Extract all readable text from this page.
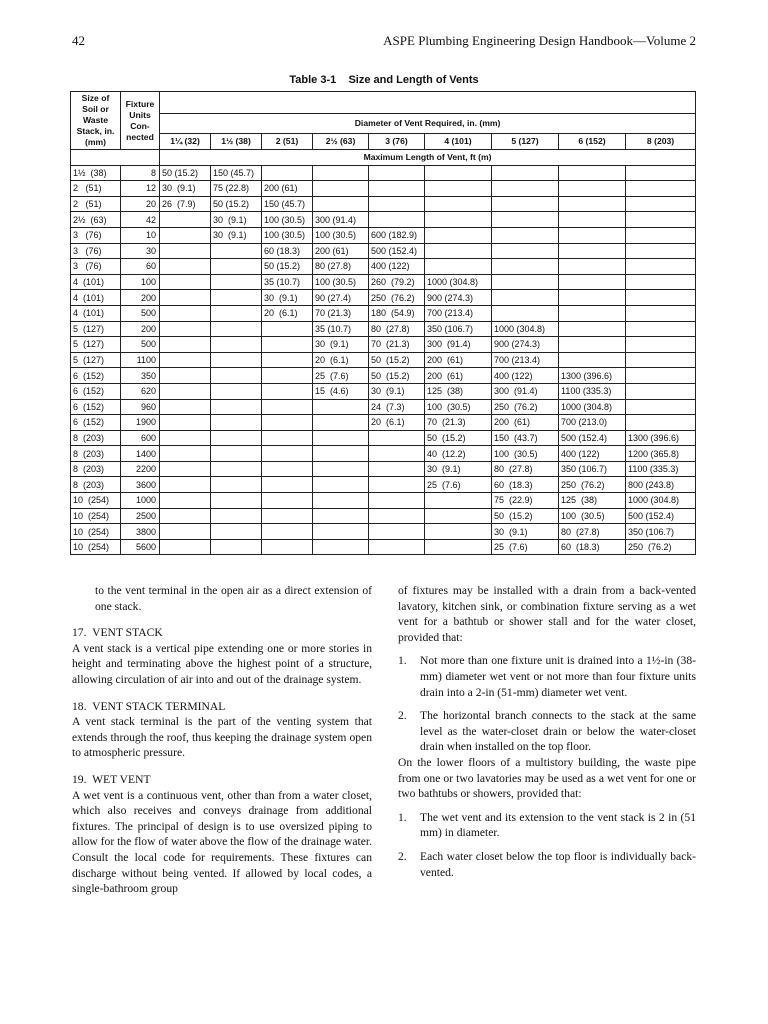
42	ASPE Plumbing Engineering Design Handbook—Volume 2
Table 3-1    Size and Length of Vents
Size of Soil or Waste Stack, in. (mm)	Fixture Units Con- nected									
		Diameter of Vent Required, in. (mm)								
		1¼ (32)	1½ (38)	2 (51)	2½ (63)	3 (76)	4 (101)	5 (127)	6 (152)	8 (203)
		Maximum Length of Vent, ft (m)								
1½  (38)	8	50 (15.2)	150 (45.7)							
2   (51)	12	30  (9.1)	75 (22.8)	200 (61)						
2   (51)	20	26  (7.9)	50 (15.2)	150 (45.7)						
2½  (63)	42		30  (9.1)	100 (30.5)	300 (91.4)					
3   (76)	10		30  (9.1)	100 (30.5)	100 (30.5)	600 (182.9)				
3   (76)	30			60 (18.3)	200 (61)	500 (152.4)				
3   (76)	60			50 (15.2)	80 (27.8)	400 (122)				
4  (101)	100			35 (10.7)	100 (30.5)	260  (79.2)	1000 (304.8)			
4  (101)	200			30  (9.1)	90 (27.4)	250  (76.2)	900 (274.3)			
4  (101)	500			20  (6.1)	70 (21.3)	180  (54.9)	700 (213.4)			
5  (127)	200				35 (10.7)	80  (27.8)	350 (106.7)	1000 (304.8)		
5  (127)	500				30  (9.1)	70  (21.3)	300  (91.4)	900 (274.3)		
5  (127)	1100				20  (6.1)	50  (15.2)	200  (61)	700 (213.4)		
6  (152)	350				25  (7.6)	50  (15.2)	200  (61)	400 (122)	1300 (396.6)	
6  (152)	620				15  (4.6)	30  (9.1)	125  (38)	300  (91.4)	1100 (335.3)	
6  (152)	960					24  (7.3)	100  (30.5)	250  (76.2)	1000 (304.8)	
6  (152)	1900					20  (6.1)	70  (21.3)	200  (61)	700 (213.0)	
8  (203)	600						50  (15.2)	150  (43.7)	500 (152.4)	1300 (396.6)
8  (203)	1400						40  (12.2)	100  (30.5)	400 (122)	1200 (365.8)
8  (203)	2200						30  (9.1)	80  (27.8)	350 (106.7)	1100 (335.3)
8  (203)	3600						25  (7.6)	60  (18.3)	250  (76.2)	800 (243.8)
10  (254)	1000							75  (22.9)	125  (38)	1000 (304.8)
10  (254)	2500							50  (15.2)	100  (30.5)	500 (152.4)
10  (254)	3800							30  (9.1)	80  (27.8)	350 (106.7)
10  (254)	5600							25  (7.6)	60  (18.3)	250  (76.2)

to the vent terminal in the open air as a direct extension of one stack.

17.  VENT STACK

A vent stack is a vertical pipe extending one or more stories in height and terminating above the highest point of a structure, allowing circulation of air into and out of the drainage system.

18.  VENT STACK TERMINAL

A vent stack terminal is the part of the venting system that extends through the roof, thus keeping the drainage system open to atmospheric pressure.

19.  WET VENT

A wet vent is a continuous vent, other than from a water closet, which also receives and conveys drainage from additional fixtures. The principal of design is to use oversized piping to allow for the flow of water above the flow of the drainage water. Consult the local code for requirements. These fixtures can discharge without being vented. If allowed by local codes, a single-bathroom group

of fixtures may be installed with a drain from a back-vented lavatory, kitchen sink, or combination fixture serving as a wet vent for a bathtub or shower stall and for the water closet, provided that:

1.	Not more than one fixture unit is drained into a 1½-in (38-mm) diameter wet vent or not more than four fixture units drain into a 2-in (51-mm) diameter wet vent.
2.	The horizontal branch connects to the stack at the same level as the water-closet drain or below the water-closet drain when installed on the top floor.

On the lower floors of a multistory building, the waste pipe from one or two lavatories may be used as a wet vent for one or two bathtubs or showers, provided that:

1.	The wet vent and its extension to the vent stack is 2 in (51 mm) in diameter.
2.	Each water closet below the top floor is individually back-vented.
